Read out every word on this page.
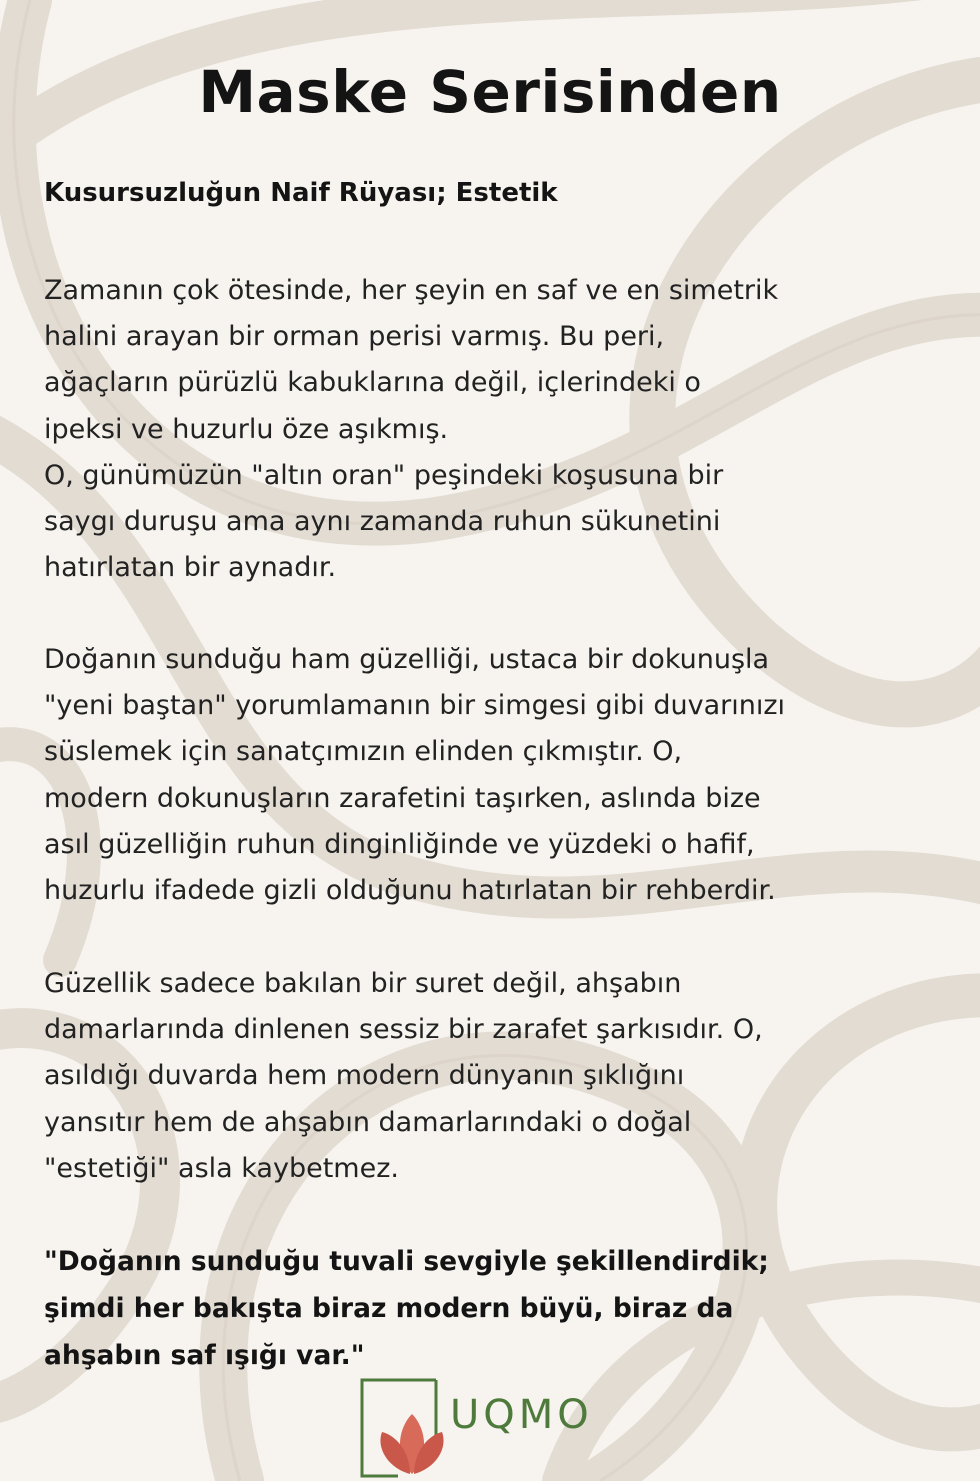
Maske Serisinden
Kusursuzluğun Naif Rüyası; Estetik

Zamanın çok ötesinde, her şeyin en saf ve en simetrik
halini arayan bir orman perisi varmış. Bu peri,
ağaçların pürüzlü kabuklarına değil, içlerindeki o
ipeksi ve huzurlu öze aşıkmış.
O, günümüzün "altın oran" peşindeki koşusuna bir
saygı duruşu ama aynı zamanda ruhun sükunetini
hatırlatan bir aynadır.

Doğanın sunduğu ham güzelliği, ustaca bir dokunuşla
"yeni baştan" yorumlamanın bir simgesi gibi duvarınızı
süslemek için sanatçımızın elinden çıkmıştır. O,
modern dokunuşların zarafetini taşırken, aslında bize
asıl güzelliğin ruhun dinginliğinde ve yüzdeki o hafif,
huzurlu ifadede gizli olduğunu hatırlatan bir rehberdir.

Güzellik sadece bakılan bir suret değil, ahşabın
damarlarında dinlenen sessiz bir zarafet şarkısıdır. O,
asıldığı duvarda hem modern dünyanın şıklığını
yansıtır hem de ahşabın damarlarındaki o doğal
"estetiği" asla kaybetmez.

"Doğanın sunduğu tuvali sevgiyle şekillendirdik;
şimdi her bakışta biraz modern büyü, biraz da
ahşabın saf ışığı var."

UQMO
